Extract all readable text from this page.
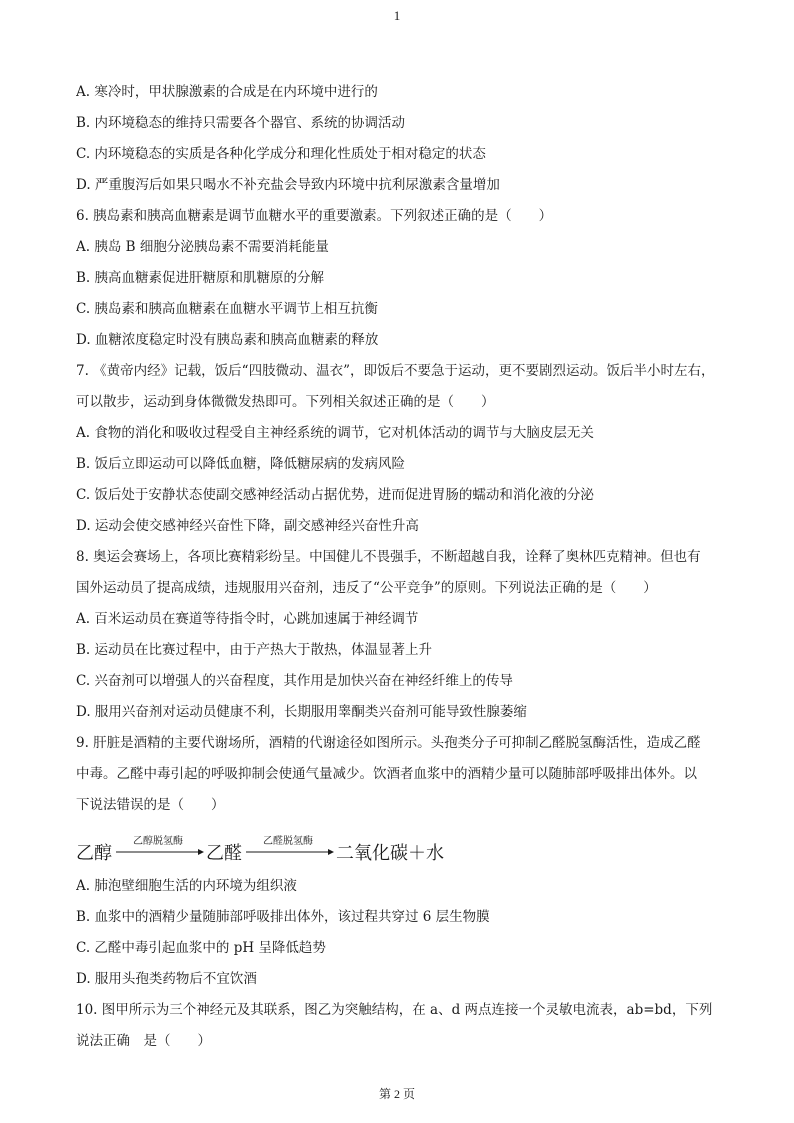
1
A. 寒冷时，甲状腺激素的合成是在内环境中进行的
B. 内环境稳态的维持只需要各个器官、系统的协调活动
C. 内环境稳态的实质是各种化学成分和理化性质处于相对稳定的状态
D. 严重腹泻后如果只喝水不补充盐会导致内环境中抗利尿激素含量增加
6. 胰岛素和胰高血糖素是调节血糖水平的重要激素。下列叙述正确的是（　　）
A. 胰岛 B 细胞分泌胰岛素不需要消耗能量
B. 胰高血糖素促进肝糖原和肌糖原的分解
C. 胰岛素和胰高血糖素在血糖水平调节上相互抗衡
D. 血糖浓度稳定时没有胰岛素和胰高血糖素的释放
7. 《黄帝内经》记载，饭后“四肢微动、温衣”，即饭后不要急于运动，更不要剧烈运动。饭后半小时左右，
可以散步，运动到身体微微发热即可。下列相关叙述正确的是（　　）
A. 食物的消化和吸收过程受自主神经系统的调节，它对机体活动的调节与大脑皮层无关
B. 饭后立即运动可以降低血糖，降低糖尿病的发病风险
C. 饭后处于安静状态使副交感神经活动占据优势，进而促进胃肠的蠕动和消化液的分泌
D. 运动会使交感神经兴奋性下降，副交感神经兴奋性升高
8. 奥运会赛场上，各项比赛精彩纷呈。中国健儿不畏强手，不断超越自我，诠释了奥林匹克精神。但也有
国外运动员了提高成绩，违规服用兴奋剂，违反了“公平竞争”的原则。下列说法正确的是（　　）
A. 百米运动员在赛道等待指令时，心跳加速属于神经调节
B. 运动员在比赛过程中，由于产热大于散热，体温显著上升
C. 兴奋剂可以增强人的兴奋程度，其作用是加快兴奋在神经纤维上的传导
D. 服用兴奋剂对运动员健康不利，长期服用睾酮类兴奋剂可能导致性腺萎缩
9. 肝脏是酒精的主要代谢场所，酒精的代谢途径如图所示。头孢类分子可抑制乙醛脱氢酶活性，造成乙醛
中毒。乙醛中毒引起的呼吸抑制会使通气量减少。饮酒者血浆中的酒精少量可以随肺部呼吸排出体外。以
下说法错误的是（　　）
乙醇
乙醇脱氢酶
乙醛
乙醛脱氢酶
二氧化碳＋水
A. 肺泡壁细胞生活的内环境为组织液
B. 血浆中的酒精少量随肺部呼吸排出体外，该过程共穿过 6 层生物膜
C. 乙醛中毒引起血浆中的 pH 呈降低趋势
D. 服用头孢类药物后不宜饮酒
10. 图甲所示为三个神经元及其联系，图乙为突触结构，在 a、d 两点连接一个灵敏电流表，ab=bd，下列
说法正确　是（　　）
第 2 页
